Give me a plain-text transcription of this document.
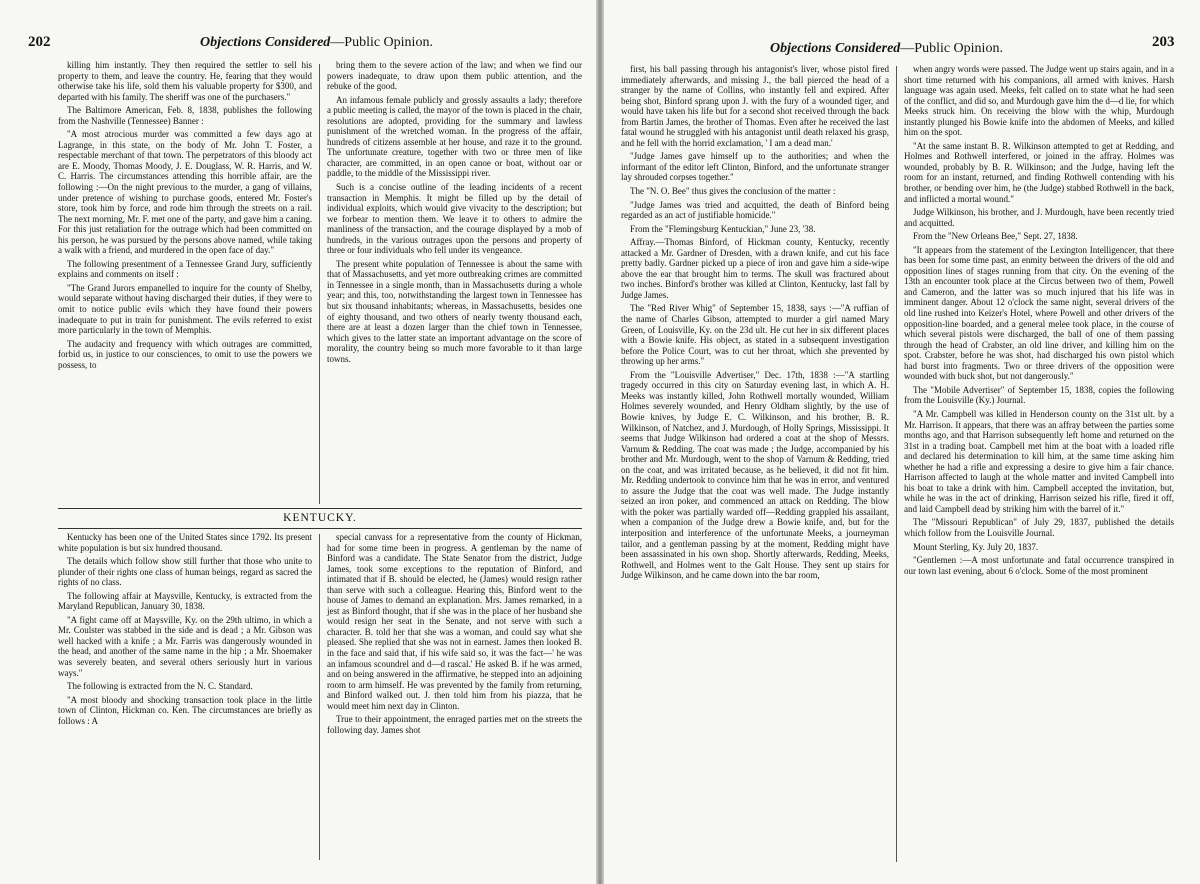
202	Objections Considered—Public Opinion.

killing him instantly. They then required the settler to sell his property to them, and leave the country. He, fearing that they would otherwise take his life, sold them his valuable property for $300, and departed with his family. The sheriff was one of the purchasers."

The Baltimore American, Feb. 8, 1838, publishes the following from the Nashville (Tennessee) Banner :

"A most atrocious murder was committed a few days ago at Lagrange, in this state, on the body of Mr. John T. Foster, a respectable merchant of that town. The perpetrators of this bloody act are E. Moody, Thomas Moody, J. E. Douglass, W. R. Harris, and W. C. Harris. The circumstances attending this horrible affair, are the following :—On the night previous to the murder, a gang of villains, under pretence of wishing to purchase goods, entered Mr. Foster's store, took him by force, and rode him through the streets on a rail. The next morning, Mr. F. met one of the party, and gave him a caning. For this just retaliation for the outrage which had been committed on his person, he was pursued by the persons above named, while taking a walk with a friend, and murdered in the open face of day."

The following presentment of a Tennessee Grand Jury, sufficiently explains and comments on itself :

"The Grand Jurors empanelled to inquire for the county of Shelby, would separate without having discharged their duties, if they were to omit to notice public evils which they have found their powers inadequate to put in train for punishment. The evils referred to exist more particularly in the town of Memphis.

The audacity and frequency with which outrages are committed, forbid us, in justice to our consciences, to omit to use the powers we possess, to

bring them to the severe action of the law; and when we find our powers inadequate, to draw upon them public attention, and the rebuke of the good.

An infamous female publicly and grossly assaults a lady; therefore a public meeting is called, the mayor of the town is placed in the chair, resolutions are adopted, providing for the summary and lawless punishment of the wretched woman. In the progress of the affair, hundreds of citizens assemble at her house, and raze it to the ground. The unfortunate creature, together with two or three men of like character, are committed, in an open canoe or boat, without oar or paddle, to the middle of the Mississippi river.

Such is a concise outline of the leading incidents of a recent transaction in Memphis. It might be filled up by the detail of individual exploits, which would give vivacity to the description; but we forbear to mention them. We leave it to others to admire the manliness of the transaction, and the courage displayed by a mob of hundreds, in the various outrages upon the persons and property of three or four individuals who fell under its vengeance.

The present white population of Tennessee is about the same with that of Massachusetts, and yet more outbreaking crimes are committed in Tennessee in a single month, than in Massachusetts during a whole year; and this, too, notwithstanding the largest town in Tennessee has but six thousand inhabitants; whereas, in Massachusetts, besides one of eighty thousand, and two others of nearly twenty thousand each, there are at least a dozen larger than the chief town in Tennessee, which gives to the latter state an important advantage on the score of morality, the country being so much more favorable to it than large towns.

KENTUCKY.

Kentucky has been one of the United States since 1792. Its present white population is but six hundred thousand.

The details which follow show still further that those who unite to plunder of their rights one class of human beings, regard as sacred the rights of no class.

The following affair at Maysville, Kentucky, is extracted from the Maryland Republican, January 30, 1838.

"A fight came off at Maysville, Ky. on the 29th ultimo, in which a Mr. Coulster was stabbed in the side and is dead ; a Mr. Gibson was well hacked with a knife ; a Mr. Farris was dangerously wounded in the head, and another of the same name in the hip ; a Mr. Shoemaker was severely beaten, and several others seriously hurt in various ways."

The following is extracted from the N. C. Standard.

"A most bloody and shocking transaction took place in the little town of Clinton, Hickman co. Ken. The circumstances are briefly as follows : A

special canvass for a representative from the county of Hickman, had for some time been in progress. A gentleman by the name of Binford was a candidate. The State Senator from the district, Judge James, took some exceptions to the reputation of Binford, and intimated that if B. should be elected, he (James) would resign rather than serve with such a colleague. Hearing this, Binford went to the house of James to demand an explanation. Mrs. James remarked, in a jest as Binford thought, that if she was in the place of her husband she would resign her seat in the Senate, and not serve with such a character. B. told her that she was a woman, and could say what she pleased. She replied that she was not in earnest. James then looked B. in the face and said that, if his wife said so, it was the fact—' he was an infamous scoundrel and d—d rascal.' He asked B. if he was armed, and on being answered in the affirmative, he stepped into an adjoining room to arm himself. He was prevented by the family from returning, and Binford walked out. J. then told him from his piazza, that he would meet him next day in Clinton.

True to their appointment, the enraged parties met on the streets the following day. James shot

Objections Considered—Public Opinion.	203

first, his ball passing through his antagonist's liver, whose pistol fired immediately afterwards, and missing J., the ball pierced the head of a stranger by the name of Collins, who instantly fell and expired. After being shot, Binford sprang upon J. with the fury of a wounded tiger, and would have taken his life but for a second shot received through the back from Bartin James, the brother of Thomas. Even after he received the last fatal wound he struggled with his antagonist until death relaxed his grasp, and he fell with the horrid exclamation, ' I am a dead man.'

"Judge James gave himself up to the authorities; and when the informant of the editor left Clinton, Binford, and the unfortunate stranger lay shrouded corpses together."

The "N. O. Bee" thus gives the conclusion of the matter :

"Judge James was tried and acquitted, the death of Binford being regarded as an act of justifiable homicide."

From the "Flemingsburg Kentuckian," June 23, '38.

Affray.—Thomas Binford, of Hickman county, Kentucky, recently attacked a Mr. Gardner of Dresden, with a drawn knife, and cut his face pretty badly. Gardner picked up a piece of iron and gave him a side-wipe above the ear that brought him to terms. The skull was fractured about two inches. Binford's brother was killed at Clinton, Kentucky, last fall by Judge James.

The "Red River Whig" of September 15, 1838, says :—"A ruffian of the name of Charles Gibson, attempted to murder a girl named Mary Green, of Louisville, Ky. on the 23d ult. He cut her in six different places with a Bowie knife. His object, as stated in a subsequent investigation before the Police Court, was to cut her throat, which she prevented by throwing up her arms."

From the "Louisville Advertiser," Dec. 17th, 1838 :—"A startling tragedy occurred in this city on Saturday evening last, in which A. H. Meeks was instantly killed, John Rothwell mortally wounded, William Holmes severely wounded, and Henry Oldham slightly, by the use of Bowie knives, by Judge E. C. Wilkinson, and his brother, B. R. Wilkinson, of Natchez, and J. Murdough, of Holly Springs, Mississippi. It seems that Judge Wilkinson had ordered a coat at the shop of Messrs. Varnum & Redding. The coat was made ; the Judge, accompanied by his brother and Mr. Murdough, went to the shop of Varnum & Redding, tried on the coat, and was irritated because, as he believed, it did not fit him. Mr. Redding undertook to convince him that he was in error, and ventured to assure the Judge that the coat was well made. The Judge instantly seized an iron poker, and commenced an attack on Redding. The blow with the poker was partially warded off—Redding grappled his assailant, when a companion of the Judge drew a Bowie knife, and, but for the interposition and interference of the unfortunate Meeks, a journeyman tailor, and a gentleman passing by at the moment, Redding might have been assassinated in his own shop. Shortly afterwards, Redding, Meeks, Rothwell, and Holmes went to the Galt House. They sent up stairs for Judge Wilkinson, and he came down into the bar room,

when angry words were passed. The Judge went up stairs again, and in a short time returned with his companions, all armed with knives. Harsh language was again used. Meeks, felt called on to state what he had seen of the conflict, and did so, and Murdough gave him the d—d lie, for which Meeks struck him. On receiving the blow with the whip, Murdough instantly plunged his Bowie knife into the abdomen of Meeks, and killed him on the spot.

"At the same instant B. R. Wilkinson attempted to get at Redding, and Holmes and Rothwell interfered, or joined in the affray. Holmes was wounded, probably by B. R. Wilkinson; and the Judge, having left the room for an instant, returned, and finding Rothwell contending with his brother, or bending over him, he (the Judge) stabbed Rothwell in the back, and inflicted a mortal wound."

Judge Wilkinson, his brother, and J. Murdough, have been recently tried and acquitted.

From the "New Orleans Bee," Sept. 27, 1838.

"It appears from the statement of the Lexington Intelligencer, that there has been for some time past, an enmity between the drivers of the old and opposition lines of stages running from that city. On the evening of the 13th an encounter took place at the Circus between two of them, Powell and Cameron, and the latter was so much injured that his life was in imminent danger. About 12 o'clock the same night, several drivers of the old line rushed into Keizer's Hotel, where Powell and other drivers of the opposition-line boarded, and a general melee took place, in the course of which several pistols were discharged, the ball of one of them passing through the head of Crabster, an old line driver, and killing him on the spot. Crabster, before he was shot, had discharged his own pistol which had burst into fragments. Two or three drivers of the opposition were wounded with buck shot, but not dangerously."

The "Mobile Advertiser" of September 15, 1838, copies the following from the Louisville (Ky.) Journal.

"A Mr. Campbell was killed in Henderson county on the 31st ult. by a Mr. Harrison. It appears, that there was an affray between the parties some months ago, and that Harrison subsequently left home and returned on the 31st in a trading boat. Campbell met him at the boat with a loaded rifle and declared his determination to kill him, at the same time asking him whether he had a rifle and expressing a desire to give him a fair chance. Harrison affected to laugh at the whole matter and invited Campbell into his boat to take a drink with him. Campbell accepted the invitation, but, while he was in the act of drinking, Harrison seized his rifle, fired it off, and laid Campbell dead by striking him with the barrel of it."

The "Missouri Republican" of July 29, 1837, published the details which follow from the Louisville Journal.

Mount Sterling, Ky. July 20, 1837.

"Gentlemen :—A most unfortunate and fatal occurrence transpired in our town last evening, about 6 o'clock. Some of the most prominent
